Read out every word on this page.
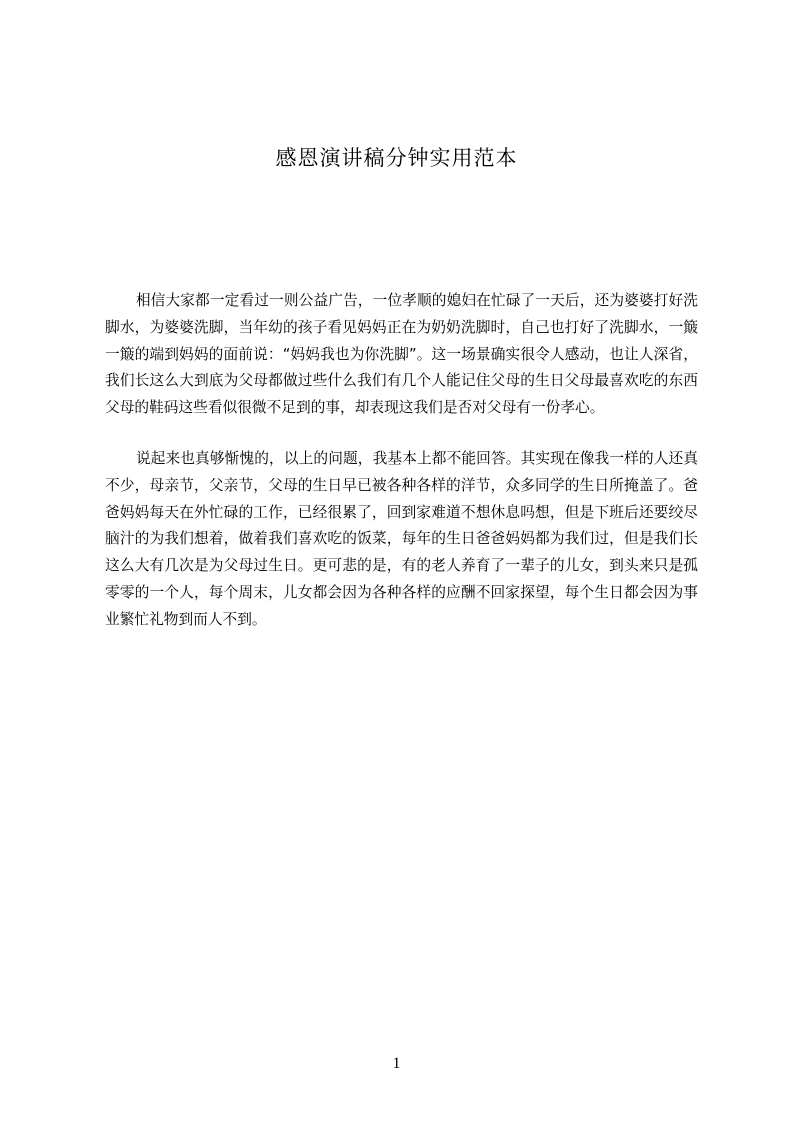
感恩演讲稿分钟实用范本

相信大家都一定看过一则公益广告，一位孝顺的媳妇在忙碌了一天后，还为婆婆打好洗脚水，为婆婆洗脚，当年幼的孩子看见妈妈正在为奶奶洗脚时，自己也打好了洗脚水，一簸一簸的端到妈妈的面前说：“妈妈我也为你洗脚”。这一场景确实很令人感动，也让人深省，我们长这么大到底为父母都做过些什么我们有几个人能记住父母的生日父母最喜欢吃的东西父母的鞋码这些看似很微不足到的事，却表现这我们是否对父母有一份孝心。

说起来也真够惭愧的，以上的问题，我基本上都不能回答。其实现在像我一样的人还真不少，母亲节，父亲节，父母的生日早已被各种各样的洋节，众多同学的生日所掩盖了。爸爸妈妈每天在外忙碌的工作，已经很累了，回到家难道不想休息吗想，但是下班后还要绞尽脑汁的为我们想着，做着我们喜欢吃的饭菜，每年的生日爸爸妈妈都为我们过，但是我们长这么大有几次是为父母过生日。更可悲的是，有的老人养育了一辈子的儿女，到头来只是孤零零的一个人，每个周末，儿女都会因为各种各样的应酬不回家探望，每个生日都会因为事业繁忙礼物到而人不到。

1
